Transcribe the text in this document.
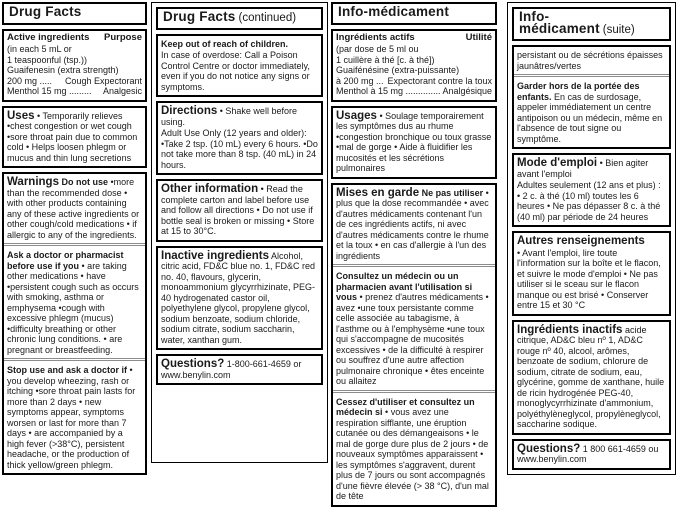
Drug Facts
Active ingredients Purpose
(in each 5 mL or
1 teaspoonful (tsp.))
Guaifenesin (extra strength)
200 mg ..... Cough Expectorant
Menthol 15 mg ......... Analgesic

Uses • Temporarily relieves •chest congestion or wet cough •sore throat pain due to common cold • Helps loosen phlegm or mucus and thin lung secretions

Warnings Do not use •more than the recommended dose • with other products containing any of these active ingredients or other cough/cold medications • if allergic to any of the ingredients.

Ask a doctor or pharmacist before use if you • are taking other medications • have •persistent cough such as occurs with smoking, asthma or emphysema •cough with excessive phlegm (mucus) •difficulty breathing or other chronic lung conditions. • are pregnant or breastfeeding.

Stop use and ask a doctor if • you develop wheezing, rash or itching •sore throat pain lasts for more than 2 days • new symptoms appear, symptoms worsen or last for more than 7 days • are accompanied by a high fever (>38°C), persistent headache, or the production of thick yellow/green phlegm.

Drug Facts (continued)

Keep out of reach of children.
In case of overdose: Call a Poison Control Centre or doctor immediately, even if you do not notice any signs or symptoms.

Directions • Shake well before using.

Adult Use Only (12 years and older): •Take 2 tsp. (10 mL) every 6 hours. •Do not take more than 8 tsp. (40 mL) in 24 hours.

Other information • Read the complete carton and label before use and follow all directions • Do not use if bottle seal is broken or missing • Store at 15 to 30°C.

Inactive ingredients Alcohol, citric acid, FD&C blue no. 1, FD&C red no. 40, flavours, glycerin, monoammonium glycyrrhizinate, PEG-40 hydrogenated castor oil, polyethylene glycol, propylene glycol, sodium benzoate, sodium chloride, sodium citrate, sodium saccharin, water, xanthan gum.

Questions? 1-800-661-4659 or www.benylin.com

Info-médicament
Ingrédients actifs	Utilité
(par dose de 5 ml ou
1 cuillère à thé [c. à thé])
Guaifénésine (extra-puissante)
à 200 mg ... Expectorant contre la toux
Menthol à 15 mg .............. Analgésique

Usages • Soulage temporairement les symptômes dus au rhume •congestion bronchique ou toux grasse •mal de gorge • Aide à fluidifier les mucosités et les sécrétions pulmonaires

Mises en garde Ne pas utiliser • plus que la dose recommandée • avec d'autres médicaments contenant l'un de ces ingrédients actifs, ni avec d'autres médicaments contre le rhume et la toux • en cas d'allergie à l'un des ingrédients

Consultez un médecin ou un pharmacien avant l'utilisation si vous • prenez d'autres médicaments • avez •une toux persistante comme celle associée au tabagisme, à l'asthme ou à l'emphysème •une toux qui s'accompagne de mucosités excessives • de la difficulté à respirer ou souffrez d'une autre affection pulmonaire chronique • êtes enceinte ou allaitez

Cessez d'utiliser et consultez un médecin si • vous avez une respiration sifflante, une éruption cutanée ou des démangeaisons • le mal de gorge dure plus de 2 jours • de nouveaux symptômes apparaissent • les symptômes s'aggravent, durent plus de 7 jours ou sont accompagnés d'une fièvre élevée (> 38 °C), d'un mal de tête

Info-médicament (suite)

persistant ou de sécrétions épaisses jaunâtres/vertes

Garder hors de la portée des enfants. En cas de surdosage, appeler immédiatement un centre antipoison ou un médecin, même en l'absence de tout signe ou symptôme.

Mode d'emploi • Bien agiter avant l'emploi

Adultes seulement (12 ans et plus) : • 2 c. à thé (10 ml) toutes les 6 heures • Ne pas dépasser 8 c. à thé (40 ml) par période de 24 heures

Autres renseignements
• Avant l'emploi, lire toute l'information sur la boîte et le flacon, et suivre le mode d'emploi • Ne pas utiliser si le sceau sur le flacon manque ou est brisé • Conserver entre 15 et 30 °C

Ingrédients inactifs acide citrique, AD&C bleu nº 1, AD&C rouge nº 40, alcool, arômes, benzoate de sodium, chlorure de sodium, citrate de sodium, eau, glycérine, gomme de xanthane, huile de ricin hydrogénée PEG-40, monoglycyrrhizinate d'ammonium, polyéthylèneglycol, propylèneglycol, saccharine sodique.

Questions? 1 800 661-4659 ou www.benylin.com
